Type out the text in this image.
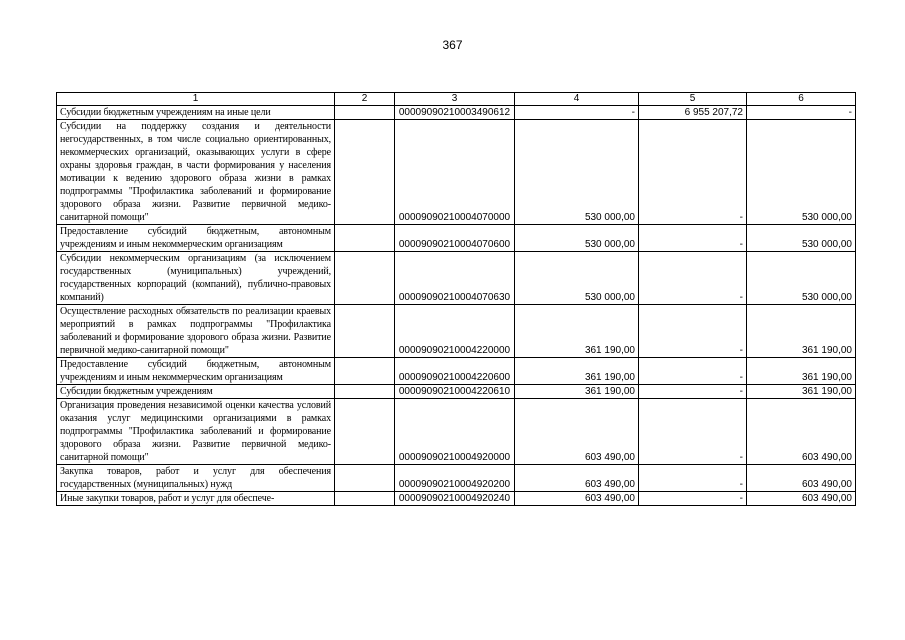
367
1	2	3	4	5	6
Субсидии бюджетным учреждениям на иные цели		00009090210003490612	-	6 955 207,72	-
Субсидии на поддержку создания и деятельности негосударственных, в том числе социально ориентированных, некоммерческих организаций, оказывающих услуги в сфере охраны здоровья граждан, в части формирования у населения мотивации к ведению здорового образа жизни в рамках подпрограммы "Профилактика заболеваний и формирование здорового образа жизни. Развитие первичной медико-санитарной помощи"		00009090210004070000	530 000,00	-	530 000,00
Предоставление субсидий бюджетным, автономным учреждениям и иным некоммерческим организациям		00009090210004070600	530 000,00	-	530 000,00
Субсидии некоммерческим организациям (за исключением государственных (муниципальных) учреждений, государственных корпораций (компаний), публично-правовых компаний)		00009090210004070630	530 000,00	-	530 000,00
Осуществление расходных обязательств по реализации краевых мероприятий в рамках подпрограммы "Профилактика заболеваний и формирование здорового образа жизни. Развитие первичной медико-санитарной помощи"		00009090210004220000	361 190,00	-	361 190,00
Предоставление субсидий бюджетным, автономным учреждениям и иным некоммерческим организациям		00009090210004220600	361 190,00	-	361 190,00
Субсидии бюджетным учреждениям		00009090210004220610	361 190,00	-	361 190,00
Организация проведения независимой оценки качества условий оказания услуг медицинскими организациями в рамках подпрограммы "Профилактика заболеваний и формирование здорового образа жизни. Развитие первичной медико-санитарной помощи"		00009090210004920000	603 490,00	-	603 490,00
Закупка товаров, работ и услуг для обеспечения государственных (муниципальных) нужд		00009090210004920200	603 490,00	-	603 490,00
Иные закупки товаров, работ и услуг для обеспече-		00009090210004920240	603 490,00	-	603 490,00
